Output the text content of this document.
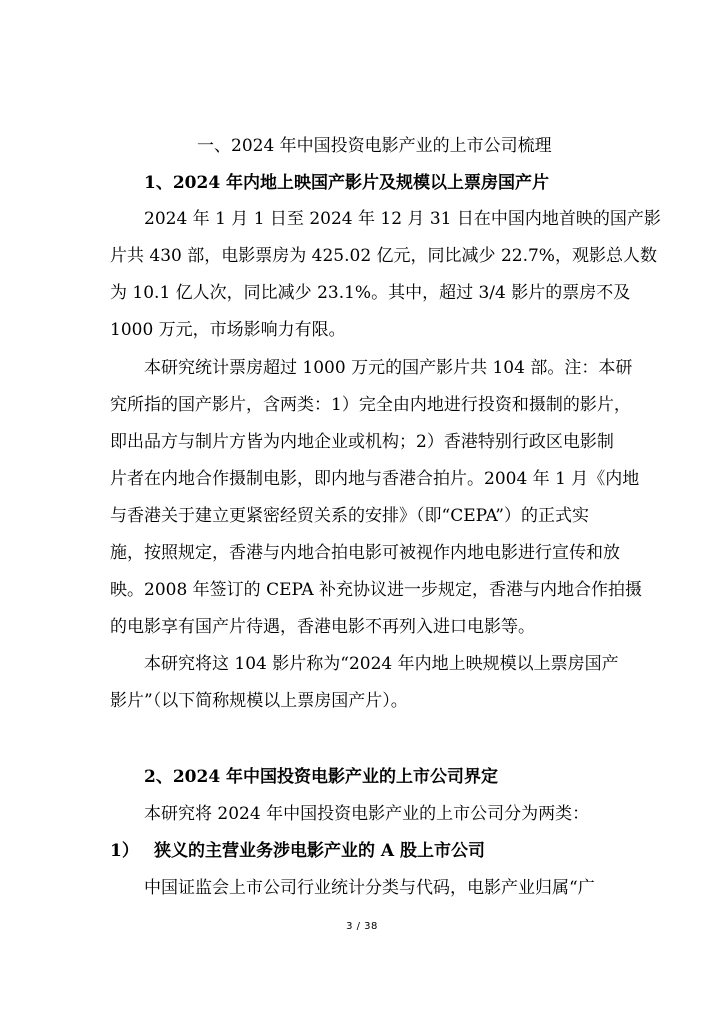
一、2024 年中国投资电影产业的上市公司梳理
1、2024 年内地上映国产影片及规模以上票房国产片
2024 年 1 月 1 日至 2024 年 12 月 31 日在中国内地首映的国产影
片共 430 部，电影票房为 425.02 亿元，同比减少 22.7%，观影总人数
为 10.1 亿人次，同比减少 23.1%。其中，超过 3/4 影片的票房不及
1000 万元，市场影响力有限。
本研究统计票房超过 1000 万元的国产影片共 104 部。注：本研
究所指的国产影片，含两类：1）完全由内地进行投资和摄制的影片，
即出品方与制片方皆为内地企业或机构；2）香港特别行政区电影制
片者在内地合作摄制电影，即内地与香港合拍片。2004 年 1 月《内地
与香港关于建立更紧密经贸关系的安排》（即“CEPA”）的正式实
施，按照规定，香港与内地合拍电影可被视作内地电影进行宣传和放
映。2008 年签订的 CEPA 补充协议进一步规定，香港与内地合作拍摄
的电影享有国产片待遇，香港电影不再列入进口电影等。
本研究将这 104 影片称为“2024 年内地上映规模以上票房国产
影片”（以下简称规模以上票房国产片）。
2、2024 年中国投资电影产业的上市公司界定
本研究将 2024 年中国投资电影产业的上市公司分为两类：
1） 狭义的主营业务涉电影产业的 A 股上市公司
中国证监会上市公司行业统计分类与代码，电影产业归属“广
3 / 38
